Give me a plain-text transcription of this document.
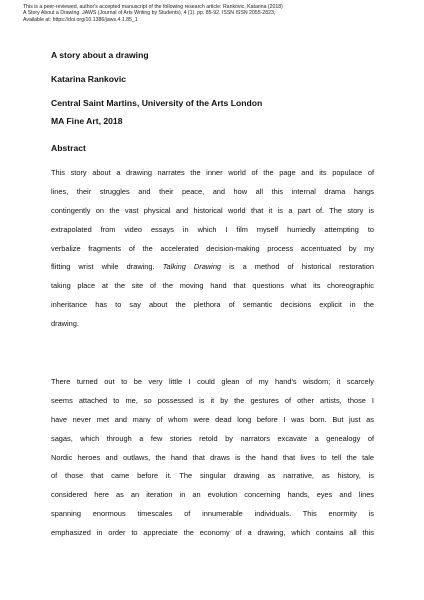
This is a peer-reviewed, author's accepted manuscript of the following research article: Rankovic, Katarina (2018)
A Story About a Drawing. JAWS (Journal of Arts Writing by Students), 4 (1). pp. 85-92. ISSN ISSN 2055-2823,
Available at: https://doi.org/10.1386/jaws.4.1.85_1
A story about a drawing
Katarina Rankovic
Central Saint Martins, University of the Arts London
MA Fine Art, 2018
Abstract
This story about a drawing narrates the inner world of the page and its populace of
lines, their struggles and their peace, and how all this internal drama hangs
contingently on the vast physical and historical world that it is a part of. The story is
extrapolated from video essays in which I film myself hurriedly attempting to
verbalize fragments of the accelerated decision-making process accentuated by my
flitting wrist while drawing. Talking Drawing is a method of historical restoration
taking place at the site of the moving hand that questions what its choreographic
inheritance has to say about the plethora of semantic decisions explicit in the
drawing.
There turned out to be very little I could glean of my hand's wisdom; it scarcely
seems attached to me, so possessed is it by the gestures of other artists, those I
have never met and many of whom were dead long before I was born. But just as
sagas, which through a few stories retold by narrators excavate a genealogy of
Nordic heroes and outlaws, the hand that draws is the hand that lives to tell the tale
of those that came before it. The singular drawing as narrative, as history, is
considered here as an iteration in an evolution concerning hands, eyes and lines
spanning enormous timescales of innumerable individuals. This enormity is
emphasized in order to appreciate the economy of a drawing, which contains all this
